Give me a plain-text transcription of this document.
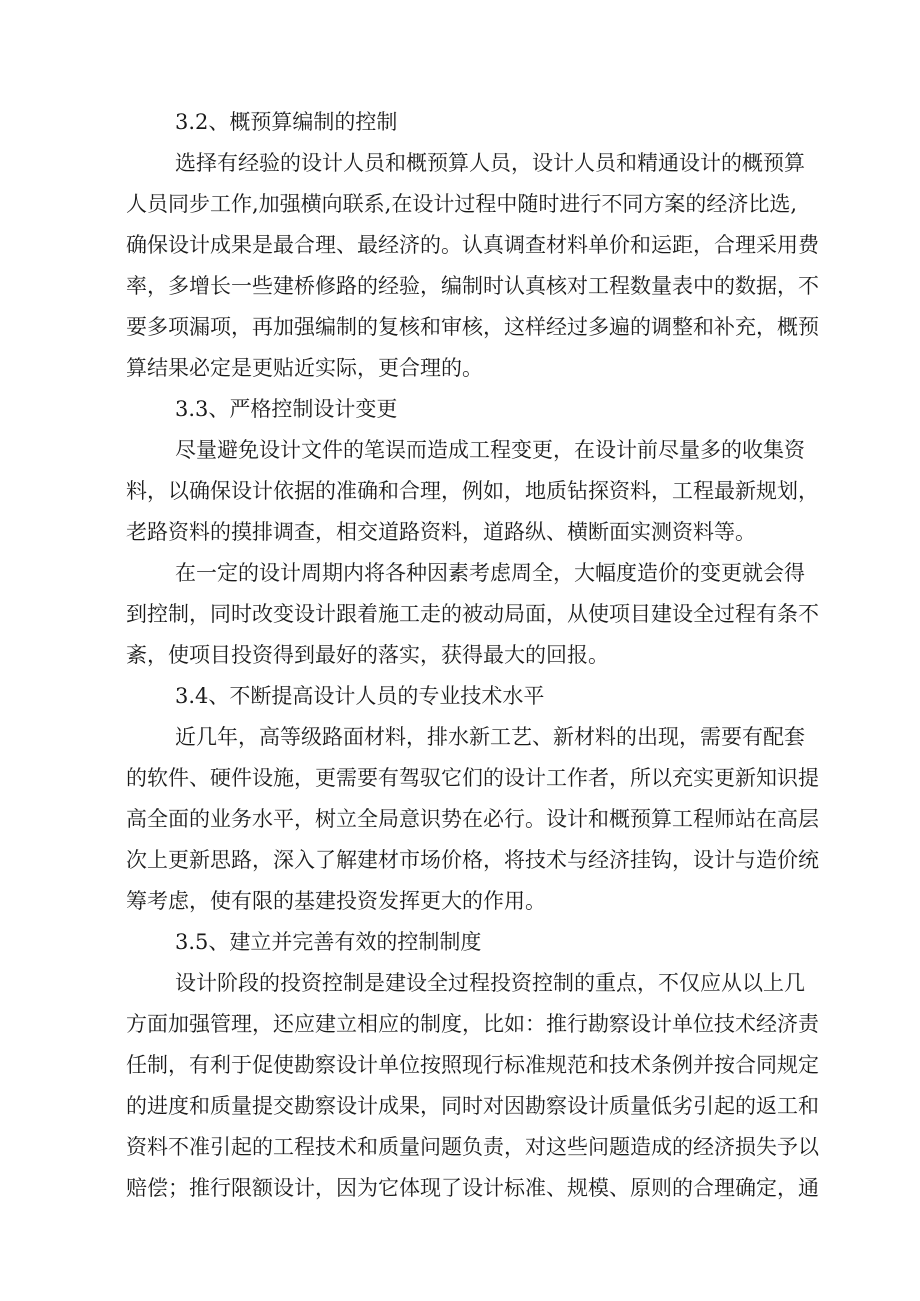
3.2、概预算编制的控制
选择有经验的设计人员和概预算人员，设计人员和精通设计的概预算
人员同步工作,加强横向联系,在设计过程中随时进行不同方案的经济比选,
确保设计成果是最合理、最经济的。认真调查材料单价和运距，合理采用费
率，多增长一些建桥修路的经验，编制时认真核对工程数量表中的数据，不
要多项漏项，再加强编制的复核和审核，这样经过多遍的调整和补充，概预
算结果必定是更贴近实际，更合理的。
3.3、严格控制设计变更
尽量避免设计文件的笔误而造成工程变更，在设计前尽量多的收集资
料，以确保设计依据的准确和合理，例如，地质钻探资料，工程最新规划，
老路资料的摸排调查，相交道路资料，道路纵、横断面实测资料等。
在一定的设计周期内将各种因素考虑周全，大幅度造价的变更就会得
到控制，同时改变设计跟着施工走的被动局面，从使项目建设全过程有条不
紊，使项目投资得到最好的落实，获得最大的回报。
3.4、不断提高设计人员的专业技术水平
近几年，高等级路面材料，排水新工艺、新材料的出现，需要有配套
的软件、硬件设施，更需要有驾驭它们的设计工作者，所以充实更新知识提
高全面的业务水平，树立全局意识势在必行。设计和概预算工程师站在高层
次上更新思路，深入了解建材市场价格，将技术与经济挂钩，设计与造价统
筹考虑，使有限的基建投资发挥更大的作用。
3.5、建立并完善有效的控制制度
设计阶段的投资控制是建设全过程投资控制的重点，不仅应从以上几
方面加强管理，还应建立相应的制度，比如：推行勘察设计单位技术经济责
任制，有利于促使勘察设计单位按照现行标准规范和技术条例并按合同规定
的进度和质量提交勘察设计成果，同时对因勘察设计质量低劣引起的返工和
资料不准引起的工程技术和质量问题负责，对这些问题造成的经济损失予以
赔偿；推行限额设计，因为它体现了设计标准、规模、原则的合理确定，通
